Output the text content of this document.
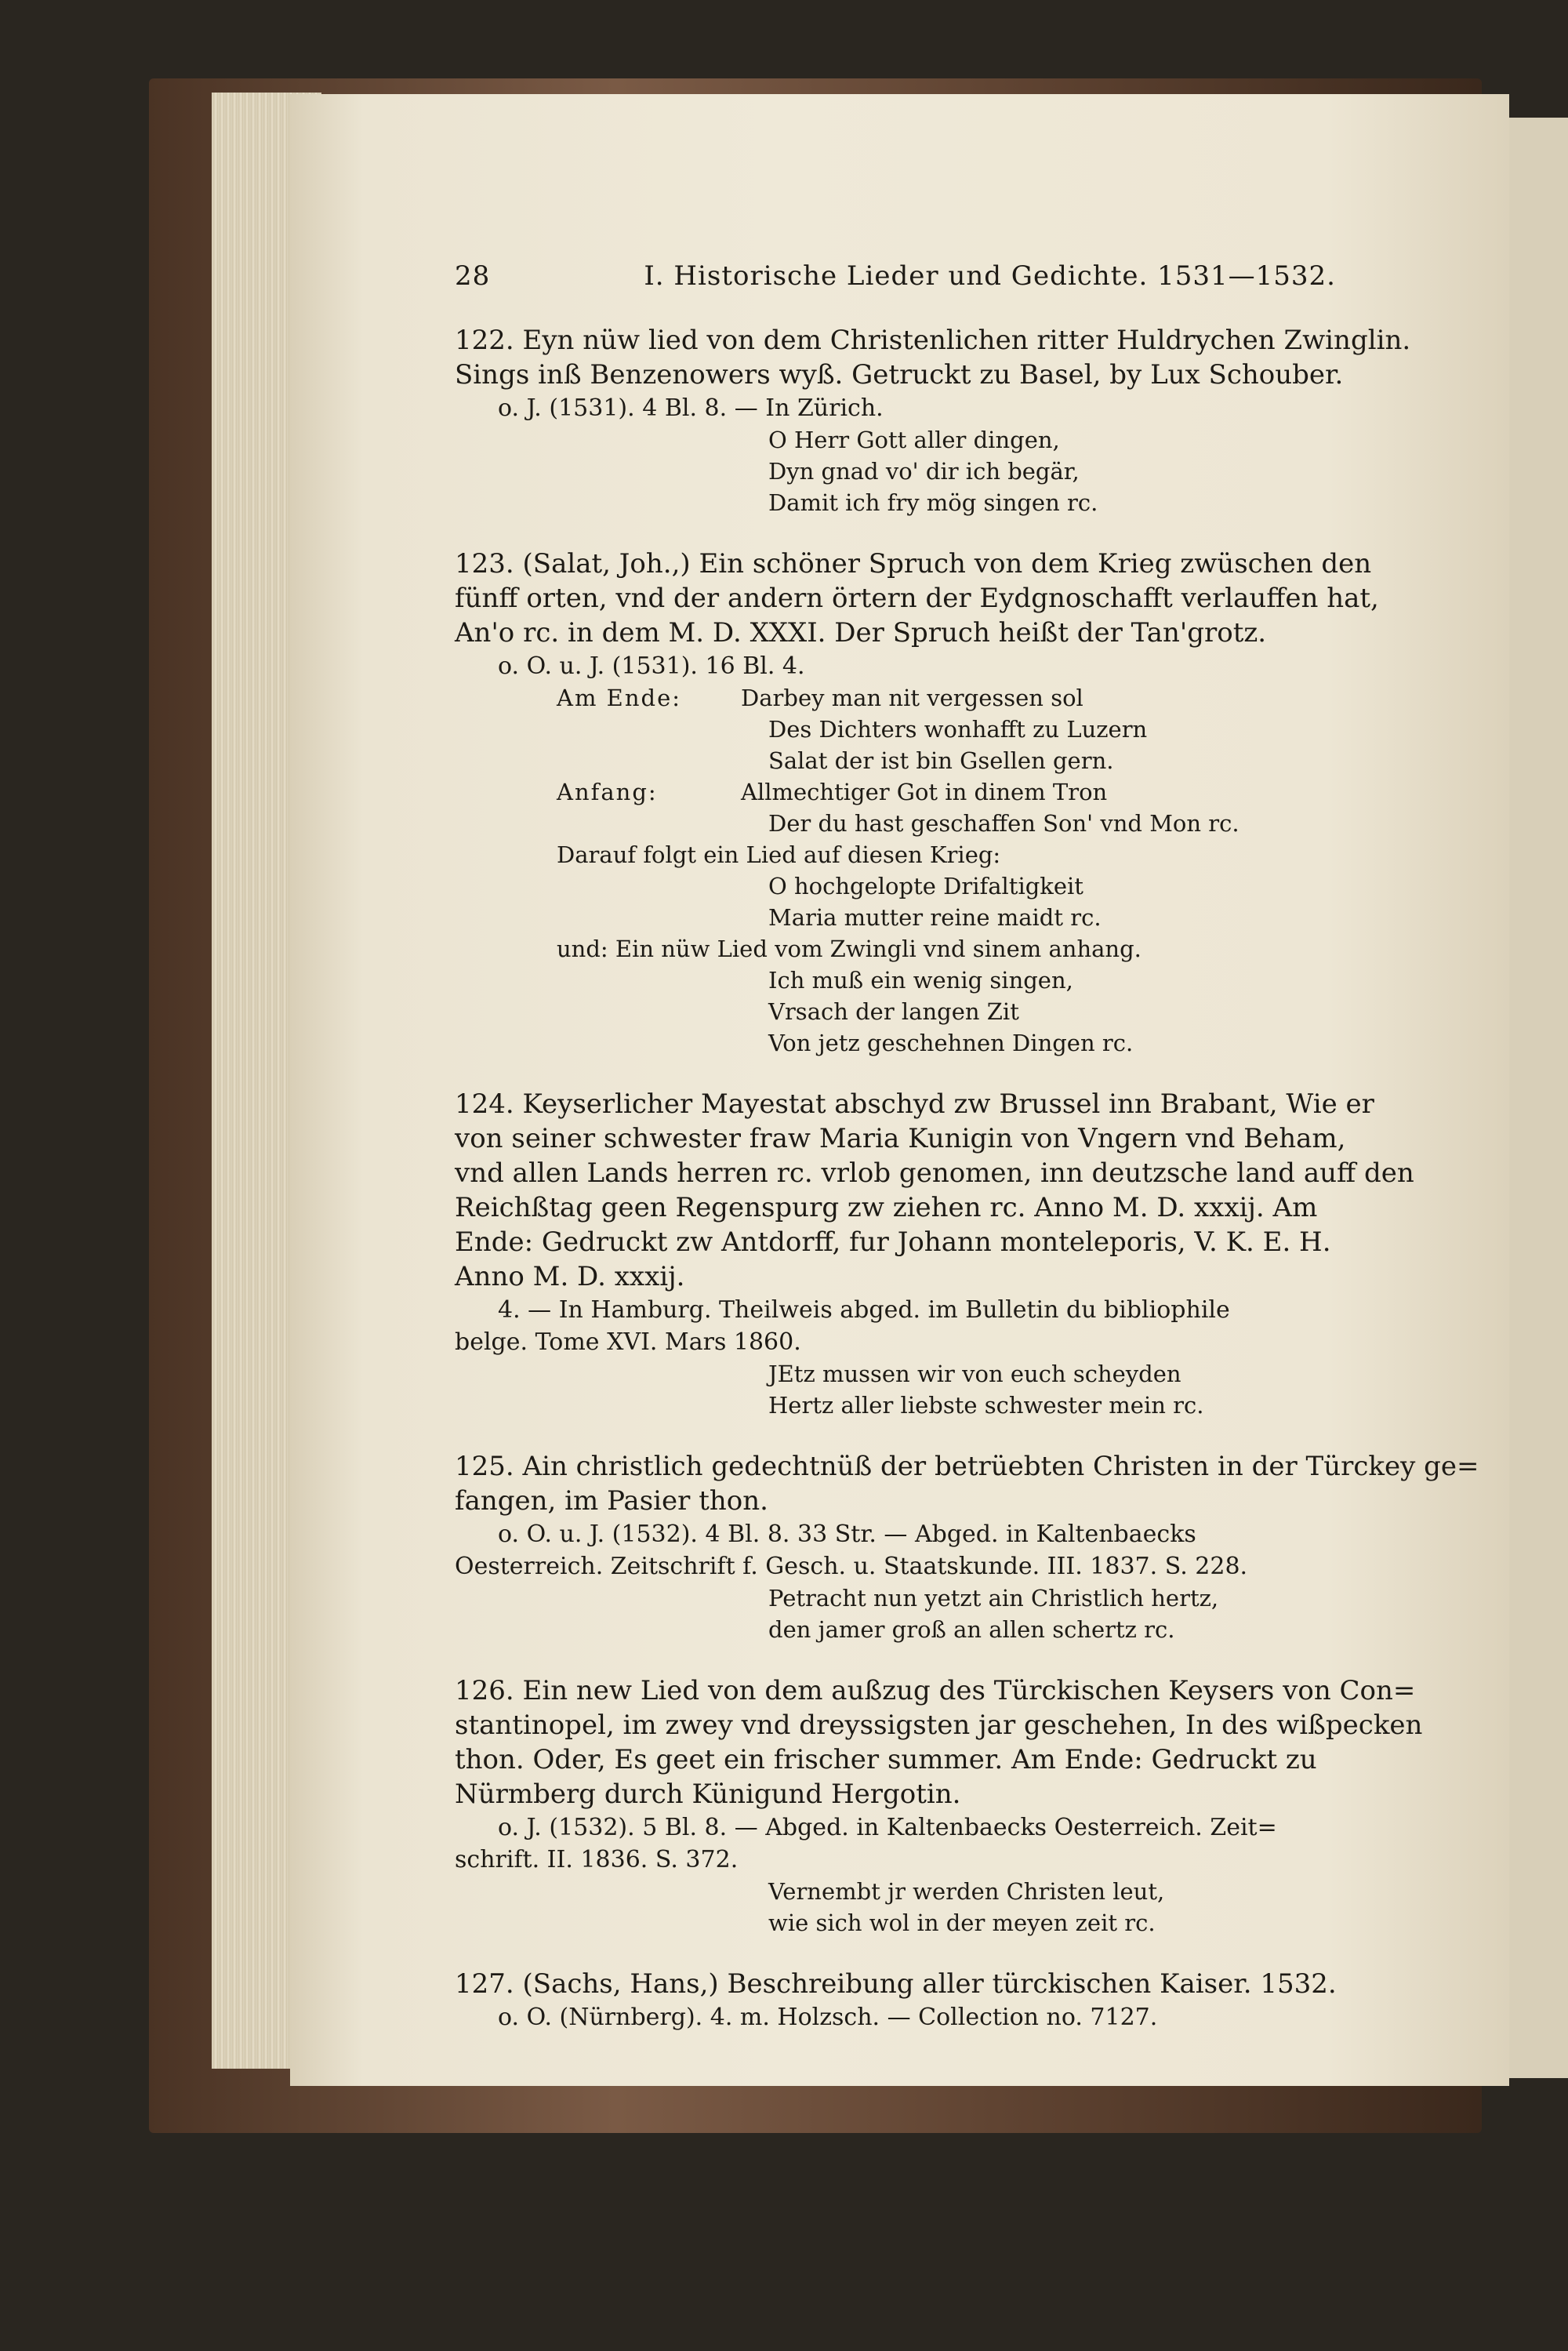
28	I. Historische Lieder und Gedichte. 1531—1532.

122. Eyn nüw lied von dem Christenlichen ritter Huldrychen Zwinglin.

Sings inß Benzenowers wyß. Getruckt zu Basel, by Lux Schouber.

o. J. (1531). 4 Bl. 8. — In Zürich.

O Herr Gott aller dingen,

Dyn gnad vo' dir ich begär,

Damit ich fry mög singen rc.

123. (Salat, Joh.,) Ein schöner Spruch von dem Krieg zwüschen den

fünff orten, vnd der andern örtern der Eydgnoschafft verlauffen hat,

An'o rc. in dem M. D. XXXI. Der Spruch heißt der Tan'grotz.

o. O. u. J. (1531). 16 Bl. 4.

Am Ende:	Darbey man nit vergessen sol

Des Dichters wonhafft zu Luzern

Salat der ist bin Gsellen gern.

Anfang:	Allmechtiger Got in dinem Tron

Der du hast geschaffen Son' vnd Mon rc.

Darauf folgt ein Lied auf diesen Krieg:

O hochgelopte Drifaltigkeit

Maria mutter reine maidt rc.

und: Ein nüw Lied vom Zwingli vnd sinem anhang.

Ich muß ein wenig singen,

Vrsach der langen Zit

Von jetz geschehnen Dingen rc.

124. Keyserlicher Mayestat abschyd zw Brussel inn Brabant, Wie er

von seiner schwester fraw Maria Kunigin von Vngern vnd Beham,

vnd allen Lands herren rc. vrlob genomen, inn deutzsche land auff den

Reichßtag geen Regenspurg zw ziehen rc. Anno M. D. xxxij. Am

Ende: Gedruckt zw Antdorff, fur Johann monteleporis, V. K. E. H.

Anno M. D. xxxij.

4. — In Hamburg. Theilweis abged. im Bulletin du bibliophile

belge. Tome XVI. Mars 1860.

JEtz mussen wir von euch scheyden

Hertz aller liebste schwester mein rc.

125. Ain christlich gedechtnüß der betrüebten Christen in der Türckey ge=

fangen, im Pasier thon.

o. O. u. J. (1532). 4 Bl. 8. 33 Str. — Abged. in Kaltenbaecks

Oesterreich. Zeitschrift f. Gesch. u. Staatskunde. III. 1837. S. 228.

Petracht nun yetzt ain Christlich hertz,

den jamer groß an allen schertz rc.

126. Ein new Lied von dem außzug des Türckischen Keysers von Con=

stantinopel, im zwey vnd dreyssigsten jar geschehen, In des wißpecken

thon. Oder, Es geet ein frischer summer. Am Ende: Gedruckt zu

Nürmberg durch Künigund Hergotin.

o. J. (1532). 5 Bl. 8. — Abged. in Kaltenbaecks Oesterreich. Zeit=

schrift. II. 1836. S. 372.

Vernembt jr werden Christen leut,

wie sich wol in der meyen zeit rc.

127. (Sachs, Hans,) Beschreibung aller türckischen Kaiser. 1532.

o. O. (Nürnberg). 4. m. Holzsch. — Collection no. 7127.
